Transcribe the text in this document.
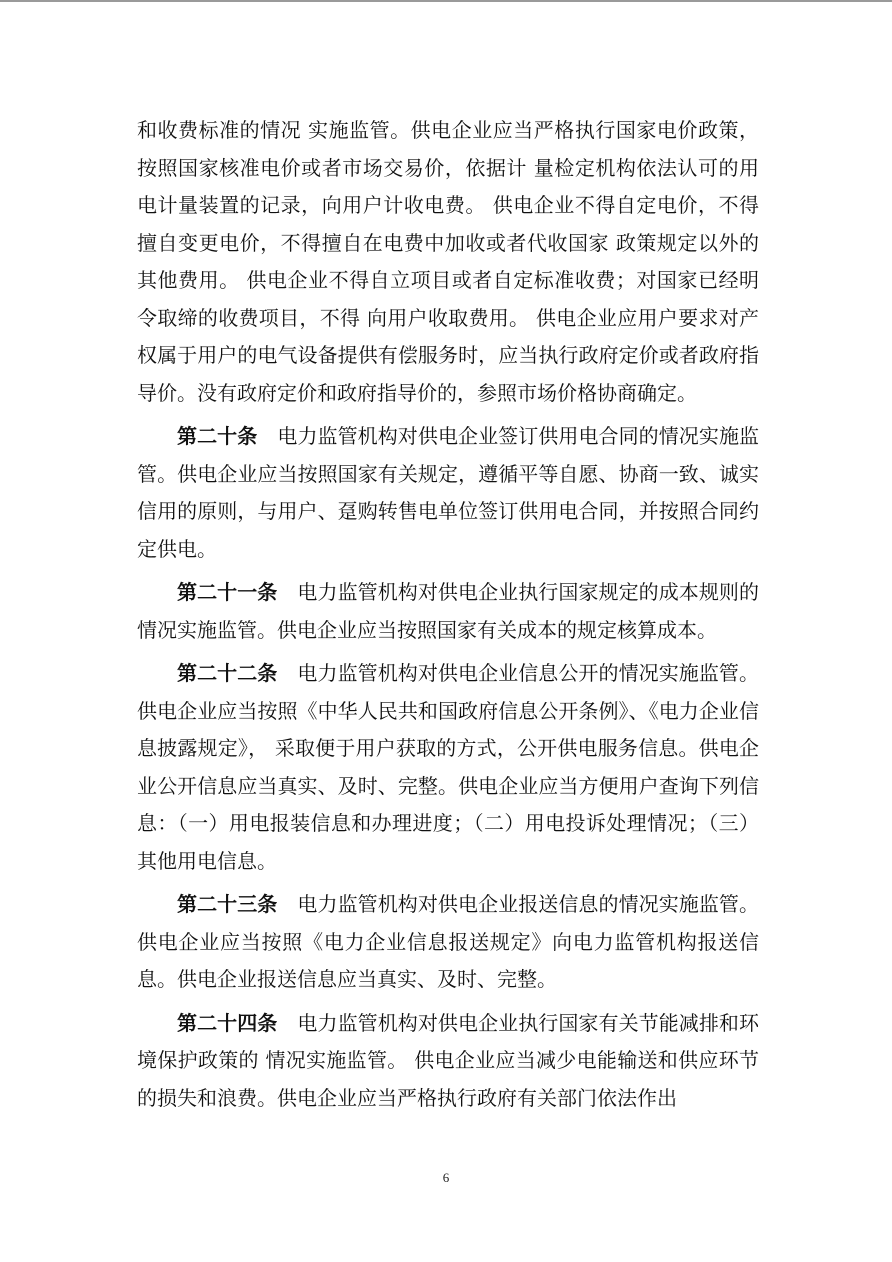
和收费标准的情况 实施监管。供电企业应当严格执行国家电价政策，按照国家核准电价或者市场交易价，依据计 量检定机构依法认可的用电计量装置的记录，向用户计收电费。 供电企业不得自定电价，不得擅自变更电价，不得擅自在电费中加收或者代收国家 政策规定以外的其他费用。 供电企业不得自立项目或者自定标准收费；对国家已经明令取缔的收费项目，不得 向用户收取费用。 供电企业应用户要求对产权属于用户的电气设备提供有偿服务时，应当执行政府定价或者政府指导价。没有政府定价和政府指导价的，参照市场价格协商确定。

第二十条 电力监管机构对供电企业签订供用电合同的情况实施监管。供电企业应当按照国家有关规定，遵循平等自愿、协商一致、诚实信用的原则，与用户、趸购转售电单位签订供用电合同，并按照合同约定供电。

第二十一条 电力监管机构对供电企业执行国家规定的成本规则的情况实施监管。供电企业应当按照国家有关成本的规定核算成本。

第二十二条 电力监管机构对供电企业信息公开的情况实施监管。 供电企业应当按照《中华人民共和国政府信息公开条例》、《电力企业信息披露规定》， 采取便于用户获取的方式，公开供电服务信息。供电企业公开信息应当真实、及时、完整。供电企业应当方便用户查询下列信息：（一）用电报装信息和办理进度；（二）用电投诉处理情况；（三）其他用电信息。

第二十三条 电力监管机构对供电企业报送信息的情况实施监管。 供电企业应当按照《电力企业信息报送规定》向电力监管机构报送信息。供电企业报送信息应当真实、及时、完整。

第二十四条 电力监管机构对供电企业执行国家有关节能减排和环境保护政策的 情况实施监管。 供电企业应当减少电能输送和供应环节的损失和浪费。供电企业应当严格执行政府有关部门依法作出

6
